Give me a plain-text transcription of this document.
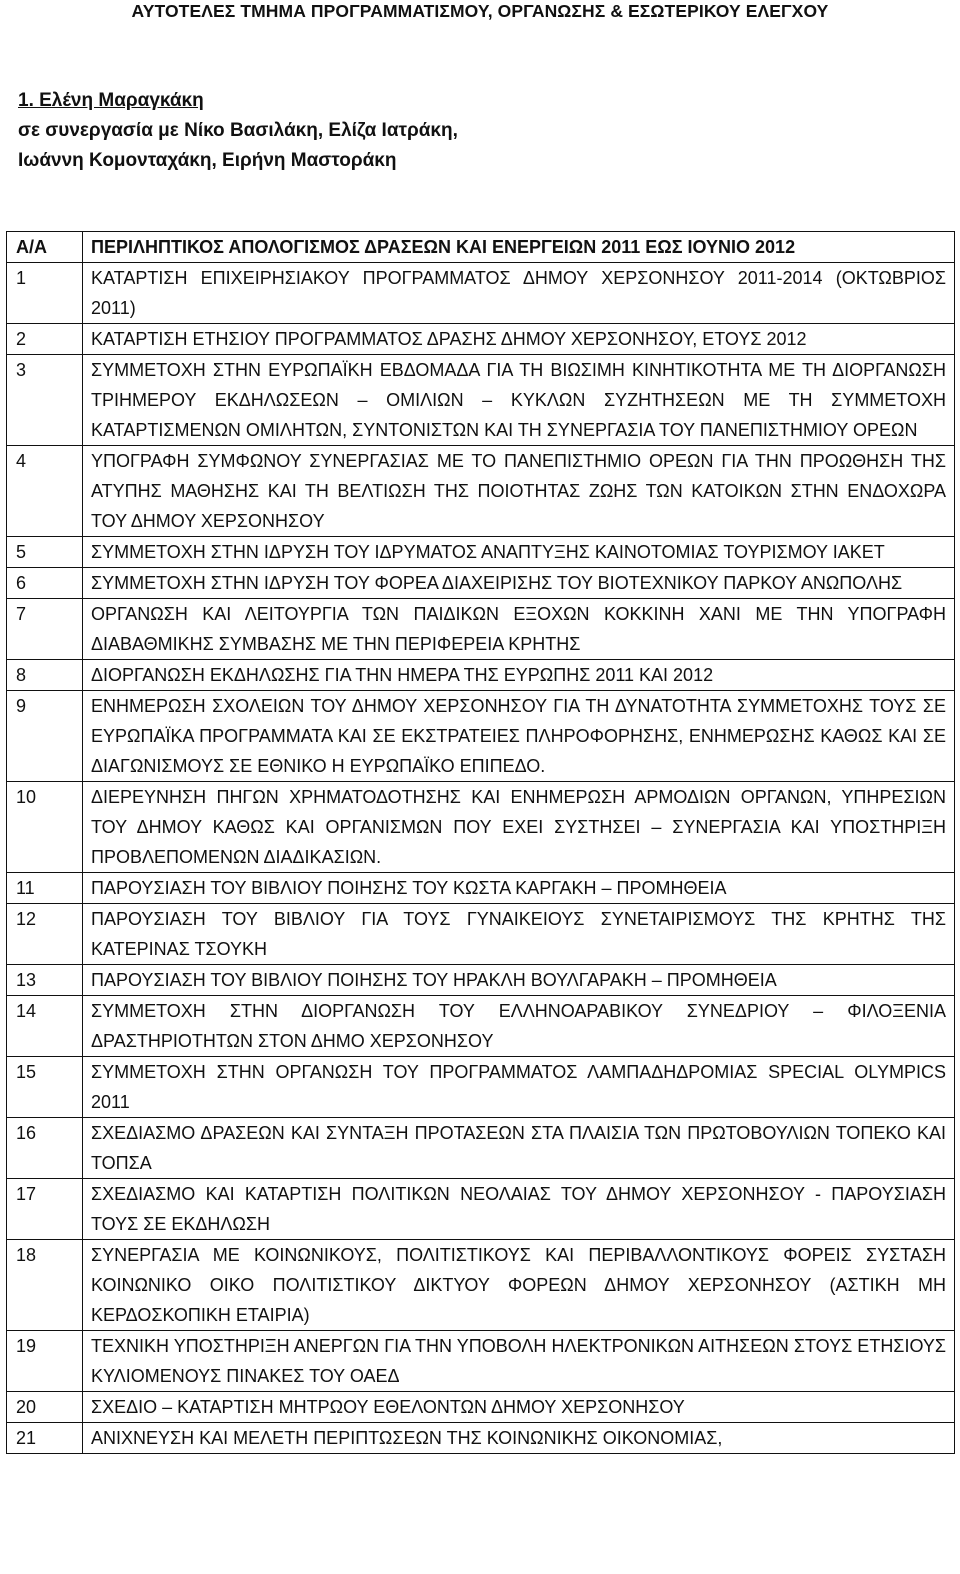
ΑΥΤΟΤΕΛΕΣ ΤΜΗΜΑ ΠΡΟΓΡΑΜΜΑΤΙΣΜΟΥ, ΟΡΓΑΝΩΣΗΣ & ΕΣΩΤΕΡΙΚΟΥ ΕΛΕΓΧΟΥ
1. Ελένη Μαραγκάκη
σε συνεργασία με Νίκο Βασιλάκη, Ελίζα Ιατράκη,
Ιωάννη Κομονταχάκη, Ειρήνη Μαστοράκη
Α/Α	ΠΕΡΙΛΗΠΤΙΚΟΣ ΑΠΟΛΟΓΙΣΜΟΣ ΔΡΑΣΕΩΝ ΚΑΙ ΕΝΕΡΓΕΙΩΝ 2011 ΕΩΣ ΙΟΥΝΙΟ 2012
1	ΚΑΤΑΡΤΙΣΗ ΕΠΙΧΕΙΡΗΣΙΑΚΟΥ ΠΡΟΓΡΑΜΜΑΤΟΣ ΔΗΜΟΥ ΧΕΡΣΟΝΗΣΟΥ 2011-2014 (ΟΚΤΩΒΡΙΟΣ 2011)
2	ΚΑΤΑΡΤΙΣΗ ΕΤΗΣΙΟΥ ΠΡΟΓΡΑΜΜΑΤΟΣ ΔΡΑΣΗΣ ΔΗΜΟΥ ΧΕΡΣΟΝΗΣΟΥ, ΕΤΟΥΣ 2012
3	ΣΥΜΜΕΤΟΧΗ ΣΤΗΝ ΕΥΡΩΠΑΪΚΗ ΕΒΔΟΜΑΔΑ ΓΙΑ ΤΗ ΒΙΩΣΙΜΗ ΚΙΝΗΤΙΚΟΤΗΤΑ ΜΕ ΤΗ ΔΙΟΡΓΑΝΩΣΗ ΤΡΙΗΜΕΡΟΥ ΕΚΔΗΛΩΣΕΩΝ – ΟΜΙΛΙΩΝ – ΚΥΚΛΩΝ ΣΥΖΗΤΗΣΕΩΝ ΜΕ ΤΗ ΣΥΜΜΕΤΟΧΗ ΚΑΤΑΡΤΙΣΜΕΝΩΝ ΟΜΙΛΗΤΩΝ, ΣΥΝΤΟΝΙΣΤΩΝ ΚΑΙ ΤΗ ΣΥΝΕΡΓΑΣΙΑ ΤΟΥ ΠΑΝΕΠΙΣΤΗΜΙΟΥ ΟΡΕΩΝ
4	ΥΠΟΓΡΑΦΗ ΣΥΜΦΩΝΟΥ ΣΥΝΕΡΓΑΣΙΑΣ ΜΕ ΤΟ ΠΑΝΕΠΙΣΤΗΜΙΟ ΟΡΕΩΝ ΓΙΑ ΤΗΝ ΠΡΟΩΘΗΣΗ ΤΗΣ ΑΤΥΠΗΣ ΜΑΘΗΣΗΣ ΚΑΙ ΤΗ ΒΕΛΤΙΩΣΗ ΤΗΣ ΠΟΙΟΤΗΤΑΣ ΖΩΗΣ ΤΩΝ ΚΑΤΟΙΚΩΝ ΣΤΗΝ ΕΝΔΟΧΩΡΑ ΤΟΥ ΔΗΜΟΥ ΧΕΡΣΟΝΗΣΟΥ
5	ΣΥΜΜΕΤΟΧΗ ΣΤΗΝ ΙΔΡΥΣΗ ΤΟΥ ΙΔΡΥΜΑΤΟΣ ΑΝΑΠΤΥΞΗΣ ΚΑΙΝΟΤΟΜΙΑΣ ΤΟΥΡΙΣΜΟΥ ΙΑΚΕΤ
6	ΣΥΜΜΕΤΟΧΗ ΣΤΗΝ ΙΔΡΥΣΗ ΤΟΥ ΦΟΡΕΑ ΔΙΑΧΕΙΡΙΣΗΣ ΤΟΥ ΒΙΟΤΕΧΝΙΚΟΥ ΠΑΡΚΟΥ ΑΝΩΠΟΛΗΣ
7	ΟΡΓΑΝΩΣΗ ΚΑΙ ΛΕΙΤΟΥΡΓΙΑ ΤΩΝ ΠΑΙΔΙΚΩΝ ΕΞΟΧΩΝ ΚΟΚΚΙΝΗ ΧΑΝΙ ΜΕ ΤΗΝ ΥΠΟΓΡΑΦΗ ΔΙΑΒΑΘΜΙΚΗΣ ΣΥΜΒΑΣΗΣ ΜΕ ΤΗΝ ΠΕΡΙΦΕΡΕΙΑ ΚΡΗΤΗΣ
8	ΔΙΟΡΓΑΝΩΣΗ ΕΚΔΗΛΩΣΗΣ ΓΙΑ ΤΗΝ ΗΜΕΡΑ ΤΗΣ ΕΥΡΩΠΗΣ 2011 ΚΑΙ 2012
9	ΕΝΗΜΕΡΩΣΗ ΣΧΟΛΕΙΩΝ ΤΟΥ ΔΗΜΟΥ ΧΕΡΣΟΝΗΣΟΥ ΓΙΑ ΤΗ ΔΥΝΑΤΟΤΗΤΑ ΣΥΜΜΕΤΟΧΗΣ ΤΟΥΣ ΣΕ ΕΥΡΩΠΑΪΚΑ ΠΡΟΓΡΑΜΜΑΤΑ ΚΑΙ ΣΕ ΕΚΣΤΡΑΤΕΙΕΣ ΠΛΗΡΟΦΟΡΗΣΗΣ, ΕΝΗΜΕΡΩΣΗΣ ΚΑΘΩΣ ΚΑΙ ΣΕ ΔΙΑΓΩΝΙΣΜΟΥΣ ΣΕ ΕΘΝΙΚΟ Η ΕΥΡΩΠΑΪΚΟ ΕΠΙΠΕΔΟ.
10	ΔΙΕΡΕΥΝΗΣΗ ΠΗΓΩΝ ΧΡΗΜΑΤΟΔΟΤΗΣΗΣ ΚΑΙ ΕΝΗΜΕΡΩΣΗ ΑΡΜΟΔΙΩΝ ΟΡΓΑΝΩΝ, ΥΠΗΡΕΣΙΩΝ ΤΟΥ ΔΗΜΟΥ ΚΑΘΩΣ ΚΑΙ ΟΡΓΑΝΙΣΜΩΝ ΠΟΥ ΕΧΕΙ ΣΥΣΤΗΣΕΙ – ΣΥΝΕΡΓΑΣΙΑ ΚΑΙ ΥΠΟΣΤΗΡΙΞΗ ΠΡΟΒΛΕΠΟΜΕΝΩΝ ΔΙΑΔΙΚΑΣΙΩΝ.
11	ΠΑΡΟΥΣΙΑΣΗ ΤΟΥ ΒΙΒΛΙΟΥ ΠΟΙΗΣΗΣ ΤΟΥ ΚΩΣΤΑ ΚΑΡΓΑΚΗ – ΠΡΟΜΗΘΕΙΑ
12	ΠΑΡΟΥΣΙΑΣΗ ΤΟΥ ΒΙΒΛΙΟΥ ΓΙΑ ΤΟΥΣ ΓΥΝΑΙΚΕΙΟΥΣ ΣΥΝΕΤΑΙΡΙΣΜΟΥΣ ΤΗΣ ΚΡΗΤΗΣ ΤΗΣ ΚΑΤΕΡΙΝΑΣ ΤΣΟΥΚΗ
13	ΠΑΡΟΥΣΙΑΣΗ ΤΟΥ ΒΙΒΛΙΟΥ ΠΟΙΗΣΗΣ ΤΟΥ ΗΡΑΚΛΗ ΒΟΥΛΓΑΡΑΚΗ – ΠΡΟΜΗΘΕΙΑ
14	ΣΥΜΜΕΤΟΧΗ ΣΤΗΝ ΔΙΟΡΓΑΝΩΣΗ ΤΟΥ ΕΛΛΗΝΟΑΡΑΒΙΚΟΥ ΣΥΝΕΔΡΙΟΥ – ΦΙΛΟΞΕΝΙΑ ΔΡΑΣΤΗΡΙΟΤΗΤΩΝ ΣΤΟΝ ΔΗΜΟ ΧΕΡΣΟΝΗΣΟΥ
15	ΣΥΜΜΕΤΟΧΗ ΣΤΗΝ ΟΡΓΑΝΩΣΗ ΤΟΥ ΠΡΟΓΡΑΜΜΑΤΟΣ ΛΑΜΠΑΔΗΔΡΟΜΙΑΣ SPECIAL OLYMPICS 2011
16	ΣΧΕΔΙΑΣΜΟ ΔΡΑΣΕΩΝ ΚΑΙ ΣΥΝΤΑΞΗ ΠΡΟΤΑΣΕΩΝ ΣΤΑ ΠΛΑΙΣΙΑ ΤΩΝ ΠΡΩΤΟΒΟΥΛΙΩΝ ΤΟΠΕΚΟ ΚΑΙ ΤΟΠΣΑ
17	ΣΧΕΔΙΑΣΜΟ ΚΑΙ ΚΑΤΑΡΤΙΣΗ ΠΟΛΙΤΙΚΩΝ ΝΕΟΛΑΙΑΣ ΤΟΥ ΔΗΜΟΥ ΧΕΡΣΟΝΗΣΟΥ - ΠΑΡΟΥΣΙΑΣΗ ΤΟΥΣ ΣΕ ΕΚΔΗΛΩΣΗ
18	ΣΥΝΕΡΓΑΣΙΑ ΜΕ ΚΟΙΝΩΝΙΚΟΥΣ, ΠΟΛΙΤΙΣΤΙΚΟΥΣ ΚΑΙ ΠΕΡΙΒΑΛΛΟΝΤΙΚΟΥΣ ΦΟΡΕΙΣ ΣΥΣΤΑΣΗ ΚΟΙΝΩΝΙΚΟ ΟΙΚΟ ΠΟΛΙΤΙΣΤΙΚΟΥ ΔΙΚΤΥΟΥ ΦΟΡΕΩΝ ΔΗΜΟΥ ΧΕΡΣΟΝΗΣΟΥ (ΑΣΤΙΚΗ ΜΗ ΚΕΡΔΟΣΚΟΠΙΚΗ ΕΤΑΙΡΙΑ)
19	ΤΕΧΝΙΚΗ ΥΠΟΣΤΗΡΙΞΗ ΑΝΕΡΓΩΝ ΓΙΑ ΤΗΝ ΥΠΟΒΟΛΗ ΗΛΕΚΤΡΟΝΙΚΩΝ ΑΙΤΗΣΕΩΝ ΣΤΟΥΣ ΕΤΗΣΙΟΥΣ ΚΥΛΙΟΜΕΝΟΥΣ ΠΙΝΑΚΕΣ ΤΟΥ ΟΑΕΔ
20	ΣΧΕΔΙΟ – ΚΑΤΑΡΤΙΣΗ ΜΗΤΡΩΟΥ ΕΘΕΛΟΝΤΩΝ ΔΗΜΟΥ ΧΕΡΣΟΝΗΣΟΥ
21	ΑΝΙΧΝΕΥΣΗ ΚΑΙ ΜΕΛΕΤΗ ΠΕΡΙΠΤΩΣΕΩΝ ΤΗΣ ΚΟΙΝΩΝΙΚΗΣ ΟΙΚΟΝΟΜΙΑΣ,
